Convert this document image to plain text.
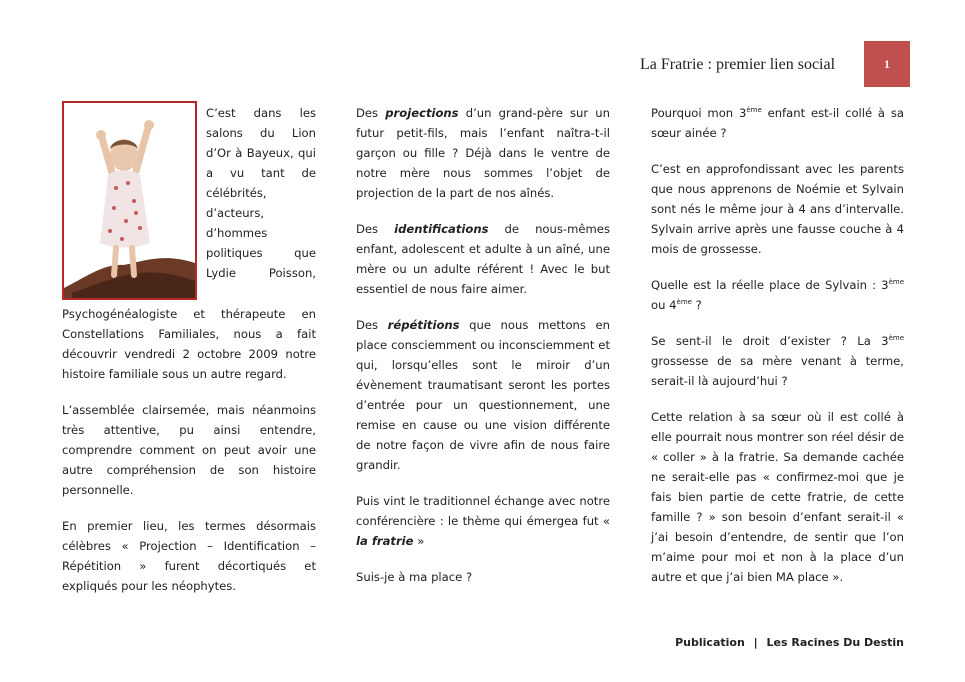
La Fratrie : premier lien social	1

C’est dans les salons du Lion d’Or à Bayeux, qui a vu tant de célébrités, d’acteurs, d’hommes politiques que Lydie Poisson, Psychogénéalogiste et thérapeute en Constellations Familiales, nous a fait découvrir vendredi 2 octobre 2009 notre histoire familiale sous un autre regard.

L’assemblée clairsemée, mais néanmoins très attentive, pu ainsi entendre, comprendre comment on peut avoir une autre compréhension de son histoire personnelle.

En premier lieu, les termes désormais célèbres « Projection – Identification – Répétition » furent décortiqués et expliqués pour les néophytes.

Des projections d’un grand-père sur un futur petit-fils, mais l’enfant naîtra-t-il garçon ou fille ? Déjà dans le ventre de notre mère nous sommes l’objet de projection de la part de nos aînés.

Des identifications de nous-mêmes enfant, adolescent et adulte à un aîné, une mère ou un adulte référent ! Avec le but essentiel de nous faire aimer.

Des répétitions que nous mettons en place consciemment ou inconsciemment et qui, lorsqu’elles sont le miroir d’un évènement traumatisant seront les portes d’entrée pour un questionnement, une remise en cause ou une vision différente de notre façon de vivre afin de nous faire grandir.

Puis vint le traditionnel échange avec notre conférencière : le thème qui émergea fut « la fratrie »

Suis-je à ma place ?

Pourquoi mon 3ème enfant est-il collé à sa sœur ainée ?

C’est en approfondissant avec les parents que nous apprenons de Noémie et Sylvain sont nés le même jour à 4 ans d’intervalle. Sylvain arrive après une fausse couche à 4 mois de grossesse.

Quelle est la réelle place de Sylvain : 3ème ou 4ème ?

Se sent-il le droit d’exister ? La 3ème grossesse de sa mère venant à terme, serait-il là aujourd’hui ?

Cette relation à sa sœur où il est collé à elle pourrait nous montrer son réel désir de « coller » à la fratrie. Sa demande cachée ne serait-elle pas « confirmez-moi que je fais bien partie de cette fratrie, de cette famille ? » son besoin d’enfant serait-il « j’ai besoin d’entendre, de sentir que l’on m’aime pour moi et non à la place d’un autre et que j’ai bien MA place ».

Publication | Les Racines Du Destin
